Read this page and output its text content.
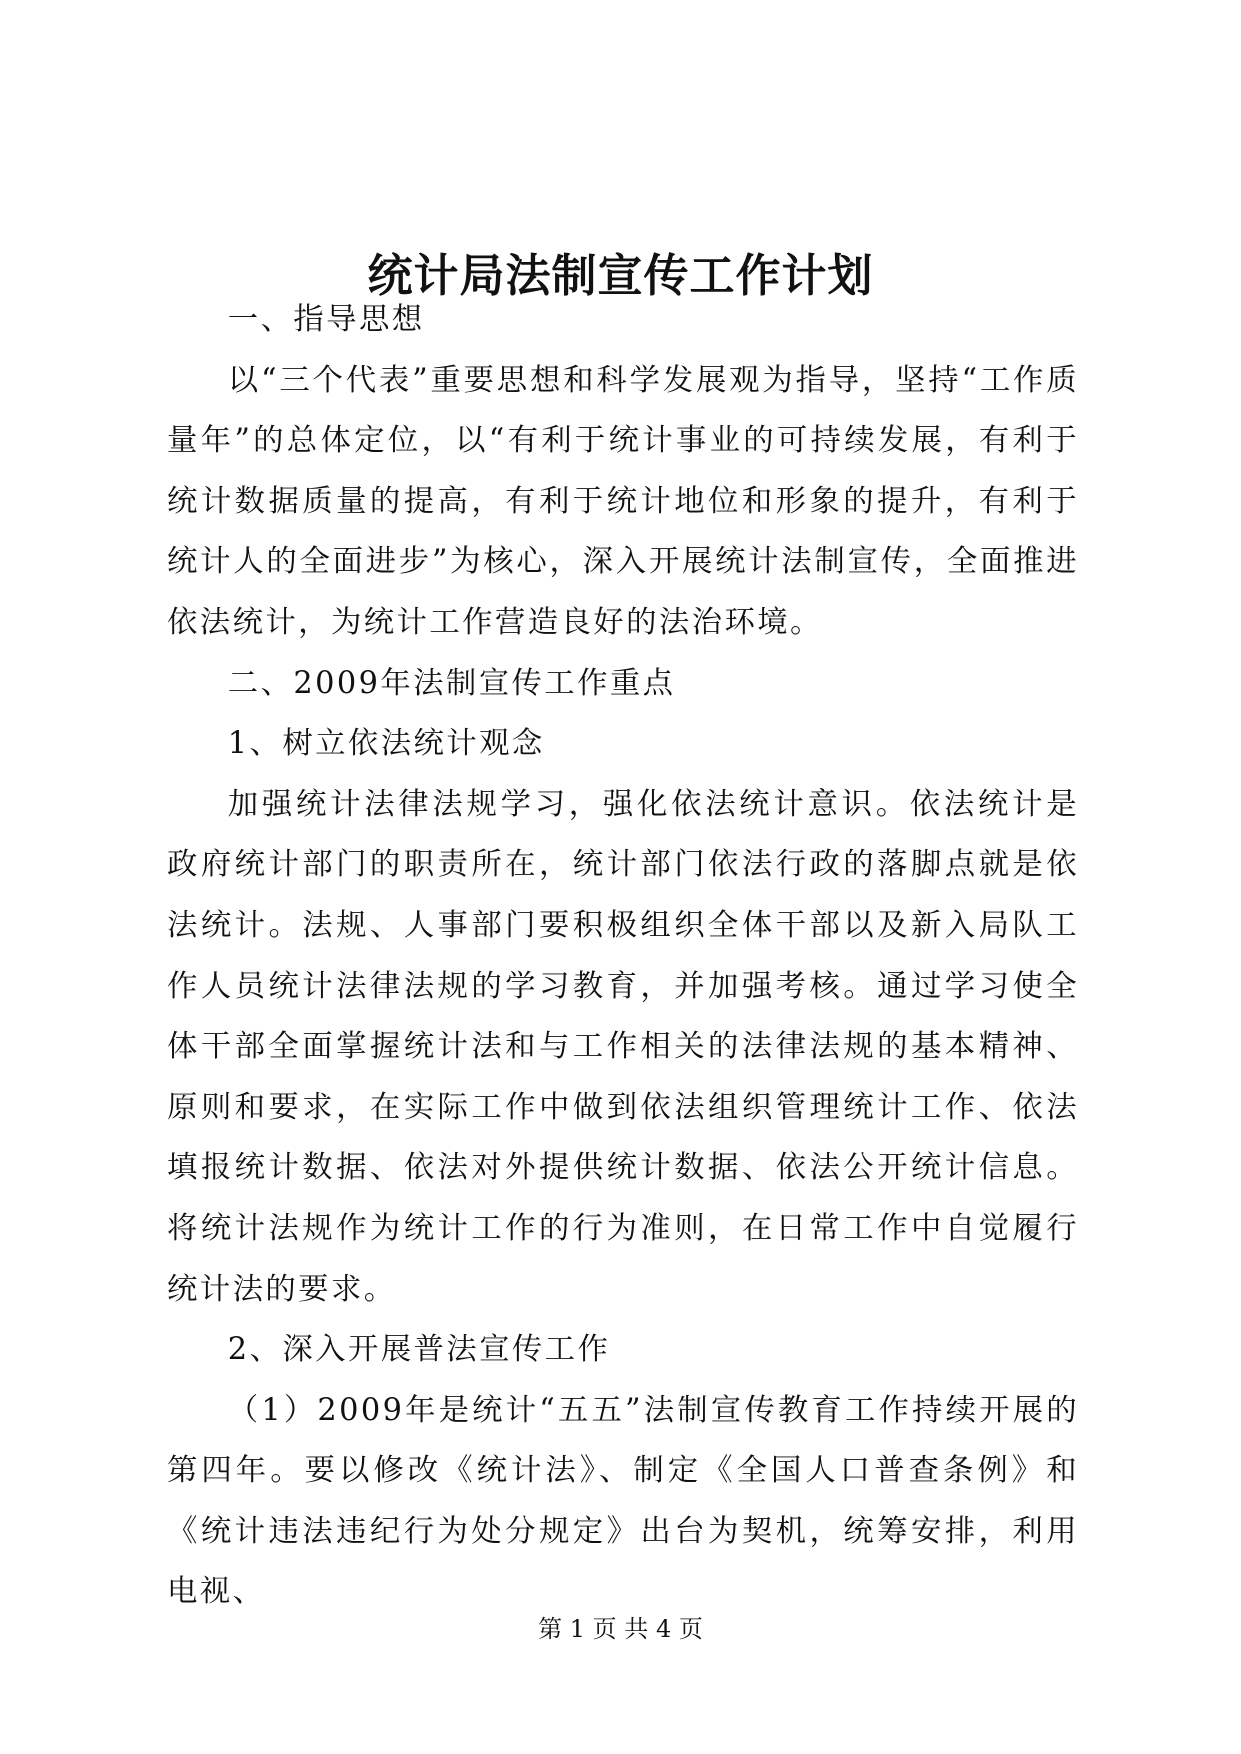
统计局法制宣传工作计划

一、指导思想

以“三个代表”重要思想和科学发展观为指导，坚持“工作质量年”的总体定位，以“有利于统计事业的可持续发展，有利于统计数据质量的提高，有利于统计地位和形象的提升，有利于统计人的全面进步”为核心，深入开展统计法制宣传，全面推进依法统计，为统计工作营造良好的法治环境。

二、2009年法制宣传工作重点

1、树立依法统计观念

加强统计法律法规学习，强化依法统计意识。依法统计是政府统计部门的职责所在，统计部门依法行政的落脚点就是依法统计。法规、人事部门要积极组织全体干部以及新入局队工作人员统计法律法规的学习教育，并加强考核。通过学习使全体干部全面掌握统计法和与工作相关的法律法规的基本精神、原则和要求，在实际工作中做到依法组织管理统计工作、依法填报统计数据、依法对外提供统计数据、依法公开统计信息。将统计法规作为统计工作的行为准则，在日常工作中自觉履行统计法的要求。

2、深入开展普法宣传工作

（1）2009年是统计“五五”法制宣传教育工作持续开展的第四年。要以修改《统计法》、制定《全国人口普查条例》和《统计违法违纪行为处分规定》出台为契机，统筹安排，利用电视、

第 1 页 共 4 页
